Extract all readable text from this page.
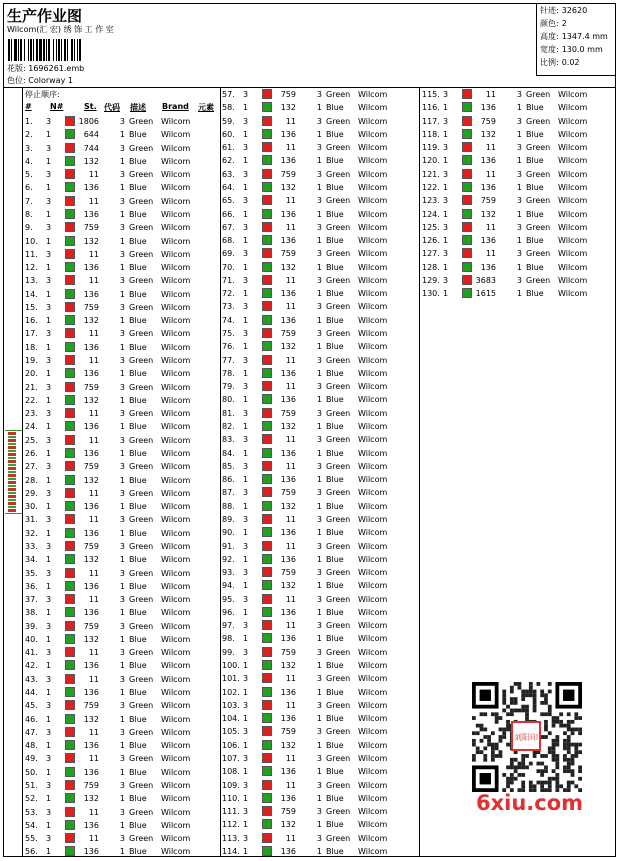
生产作业图
Wilcom(汇 宏) 绣 饰 工 作 室
花版: 1696261.emb
色位: Colorway 1
针迹: 32620
颜色: 2
高度: 1347.4 mm
宽度: 130.0 mm
比例: 0.02
停止顺序:
# N#	St. 代码 描述 Brand 元素
1. 3	1806	3 Green Wilcom
2. 1	644	1 Blue Wilcom
3. 3	744	3 Green Wilcom
4. 1	132	1 Blue Wilcom
5. 3	11	3 Green Wilcom
6. 1	136	1 Blue Wilcom
7. 3	11	3 Green Wilcom
8. 1	136	1 Blue Wilcom
9. 3	759	3 Green Wilcom
10. 1	132	1 Blue Wilcom
11. 3	11	3 Green Wilcom
12. 1	136	1 Blue Wilcom
13. 3	11	3 Green Wilcom
14. 1	136	1 Blue Wilcom
15. 3	759	3 Green Wilcom
16. 1	132	1 Blue Wilcom
17. 3	11	3 Green Wilcom
18. 1	136	1 Blue Wilcom
19. 3	11	3 Green Wilcom
20. 1	136	1 Blue Wilcom
21. 3	759	3 Green Wilcom
22. 1	132	1 Blue Wilcom
23. 3	11	3 Green Wilcom
24. 1	136	1 Blue Wilcom
25. 3	11	3 Green Wilcom
26. 1	136	1 Blue Wilcom
27. 3	759	3 Green Wilcom
28. 1	132	1 Blue Wilcom
29. 3	11	3 Green Wilcom
30. 1	136	1 Blue Wilcom
31. 3	11	3 Green Wilcom
32. 1	136	1 Blue Wilcom
33. 3	759	3 Green Wilcom
34. 1	132	1 Blue Wilcom
35. 3	11	3 Green Wilcom
36. 1	136	1 Blue Wilcom
37. 3	11	3 Green Wilcom
38. 1	136	1 Blue Wilcom
39. 3	759	3 Green Wilcom
40. 1	132	1 Blue Wilcom
41. 3	11	3 Green Wilcom
42. 1	136	1 Blue Wilcom
43. 3	11	3 Green Wilcom
44. 1	136	1 Blue Wilcom
45. 3	759	3 Green Wilcom
46. 1	132	1 Blue Wilcom
47. 3	11	3 Green Wilcom
48. 1	136	1 Blue Wilcom
49. 3	11	3 Green Wilcom
50. 1	136	1 Blue Wilcom
51. 3	759	3 Green Wilcom
52. 1	132	1 Blue Wilcom
53. 3	11	3 Green Wilcom
54. 1	136	1 Blue Wilcom
55. 3	11	3 Green Wilcom
56. 1	136	1 Blue Wilcom
57. 3	759	3 Green Wilcom
58. 1	132	1 Blue Wilcom
59. 3	11	3 Green Wilcom
60. 1	136	1 Blue Wilcom
61. 3	11	3 Green Wilcom
62. 1	136	1 Blue Wilcom
63. 3	759	3 Green Wilcom
64. 1	132	1 Blue Wilcom
65. 3	11	3 Green Wilcom
66. 1	136	1 Blue Wilcom
67. 3	11	3 Green Wilcom
68. 1	136	1 Blue Wilcom
69. 3	759	3 Green Wilcom
70. 1	132	1 Blue Wilcom
71. 3	11	3 Green Wilcom
72. 1	136	1 Blue Wilcom
73. 3	11	3 Green Wilcom
74. 1	136	1 Blue Wilcom
75. 3	759	3 Green Wilcom
76. 1	132	1 Blue Wilcom
77. 3	11	3 Green Wilcom
78. 1	136	1 Blue Wilcom
79. 3	11	3 Green Wilcom
80. 1	136	1 Blue Wilcom
81. 3	759	3 Green Wilcom
82. 1	132	1 Blue Wilcom
83. 3	11	3 Green Wilcom
84. 1	136	1 Blue Wilcom
85. 3	11	3 Green Wilcom
86. 1	136	1 Blue Wilcom
87. 3	759	3 Green Wilcom
88. 1	132	1 Blue Wilcom
89. 3	11	3 Green Wilcom
90. 1	136	1 Blue Wilcom
91. 3	11	3 Green Wilcom
92. 1	136	1 Blue Wilcom
93. 3	759	3 Green Wilcom
94. 1	132	1 Blue Wilcom
95. 3	11	3 Green Wilcom
96. 1	136	1 Blue Wilcom
97. 3	11	3 Green Wilcom
98. 1	136	1 Blue Wilcom
99. 3	759	3 Green Wilcom
100. 1	132	1 Blue Wilcom
101. 3	11	3 Green Wilcom
102. 1	136	1 Blue Wilcom
103. 3	11	3 Green Wilcom
104. 1	136	1 Blue Wilcom
105. 3	759	3 Green Wilcom
106. 1	132	1 Blue Wilcom
107. 3	11	3 Green Wilcom
108. 1	136	1 Blue Wilcom
109. 3	11	3 Green Wilcom
110. 1	136	1 Blue Wilcom
111. 3	759	3 Green Wilcom
112. 1	132	1 Blue Wilcom
113. 3	11	3 Green Wilcom
114. 1	136	1 Blue Wilcom
115. 3	11	3 Green Wilcom
116. 1	136	1 Blue Wilcom
117. 3	759	3 Green Wilcom
118. 1	132	1 Blue Wilcom
119. 3	11	3 Green Wilcom
120. 1	136	1 Blue Wilcom
121. 3	11	3 Green Wilcom
122. 1	136	1 Blue Wilcom
123. 3	759	3 Green Wilcom
124. 1	132	1 Blue Wilcom
125. 3	11	3 Green Wilcom
126. 1	136	1 Blue Wilcom
127. 3	11	3 Green Wilcom
128. 1	136	1 Blue Wilcom
129. 3	3683	3 Green Wilcom
130. 1	1615	1 Blue Wilcom
刘阳印
6xiu.com
